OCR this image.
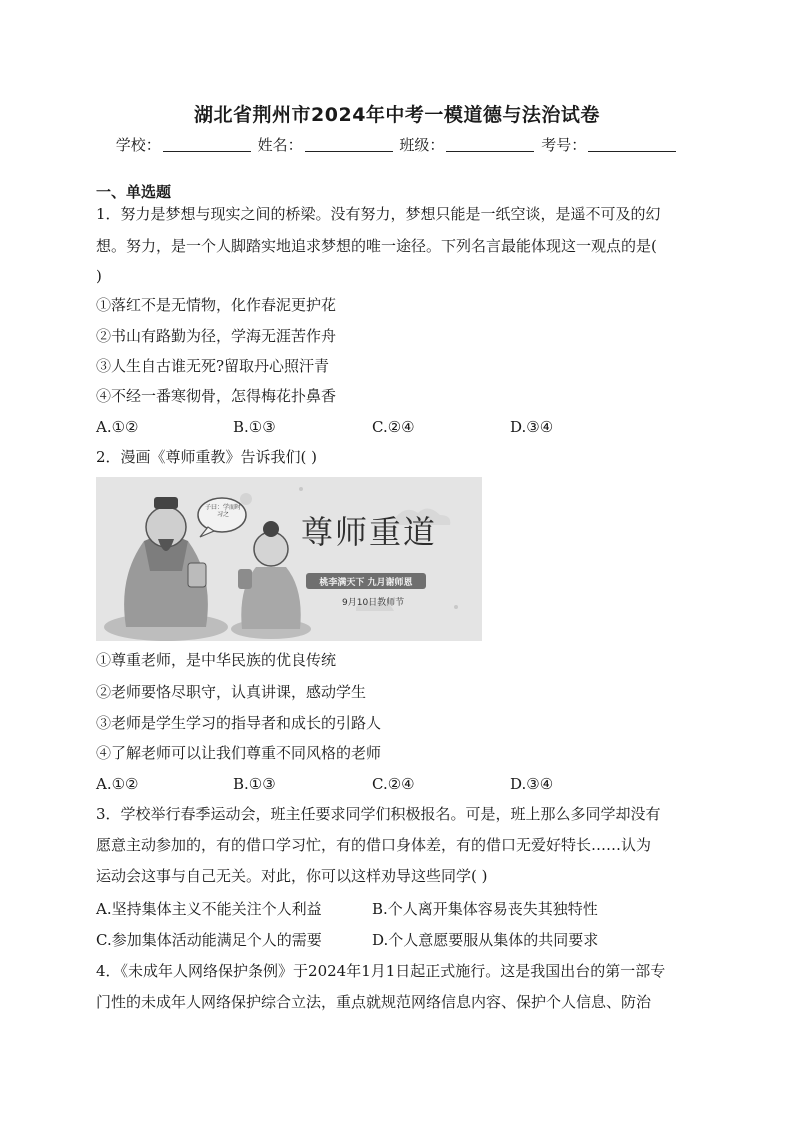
湖北省荆州市2024年中考一模道德与法治试卷
学校：	姓名：	班级：	考号：
一、单选题
1．努力是梦想与现实之间的桥梁。没有努力，梦想只能是一纸空谈，是遥不可及的幻
想。努力，是一个人脚踏实地追求梦想的唯一途径。下列名言最能体现这一观点的是(
)
①落红不是无情物，化作春泥更护花
②书山有路勤为径，学海无涯苦作舟
③人生自古谁无死?留取丹心照汗青
④不经一番寒彻骨，怎得梅花扑鼻香
A.①②	B.①③	C.②④	D.③④
2．漫画《尊师重教》告诉我们( )
子曰：学而时习之	尊师重道
桃李满天下 九月谢师恩
9月10日教师节
①尊重老师，是中华民族的优良传统
②老师要恪尽职守，认真讲课，感动学生
③老师是学生学习的指导者和成长的引路人
④了解老师可以让我们尊重不同风格的老师
A.①②	B.①③	C.②④	D.③④
3．学校举行春季运动会，班主任要求同学们积极报名。可是，班上那么多同学却没有
愿意主动参加的，有的借口学习忙，有的借口身体差，有的借口无爱好特长……认为
运动会这事与自己无关。对此，你可以这样劝导这些同学( )
A.坚持集体主义不能关注个人利益	B.个人离开集体容易丧失其独特性
C.参加集体活动能满足个人的需要	D.个人意愿要服从集体的共同要求
4．《未成年人网络保护条例》于2024年1月1日起正式施行。这是我国出台的第一部专
门性的未成年人网络保护综合立法，重点就规范网络信息内容、保护个人信息、防治
